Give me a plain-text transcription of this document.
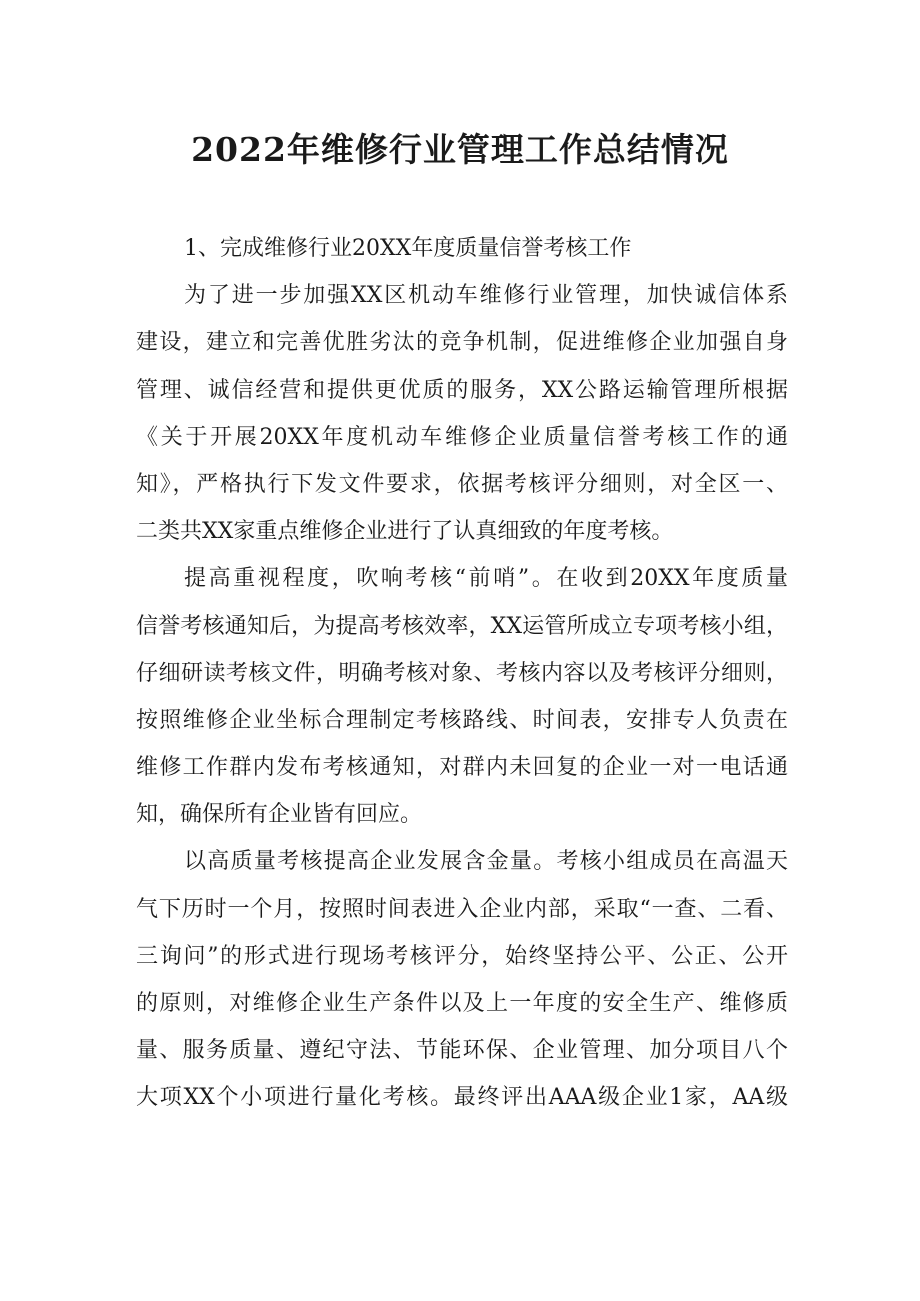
2022年维修行业管理工作总结情况
1、完成维修行业20XX年度质量信誉考核工作
为了进一步加强XX区机动车维修行业管理，加快诚信体系
建设，建立和完善优胜劣汰的竞争机制，促进维修企业加强自身
管理、诚信经营和提供更优质的服务，XX公路运输管理所根据
《关于开展20XX年度机动车维修企业质量信誉考核工作的通
知》，严格执行下发文件要求，依据考核评分细则，对全区一、
二类共XX家重点维修企业进行了认真细致的年度考核。
提高重视程度，吹响考核“前哨”。在收到20XX年度质量
信誉考核通知后，为提高考核效率，XX运管所成立专项考核小组，
仔细研读考核文件，明确考核对象、考核内容以及考核评分细则，
按照维修企业坐标合理制定考核路线、时间表，安排专人负责在
维修工作群内发布考核通知，对群内未回复的企业一对一电话通
知，确保所有企业皆有回应。
以高质量考核提高企业发展含金量。考核小组成员在高温天
气下历时一个月，按照时间表进入企业内部，采取“一查、二看、
三询问”的形式进行现场考核评分，始终坚持公平、公正、公开
的原则，对维修企业生产条件以及上一年度的安全生产、维修质
量、服务质量、遵纪守法、节能环保、企业管理、加分项目八个
大项XX个小项进行量化考核。最终评出AAA级企业1家，AA级
